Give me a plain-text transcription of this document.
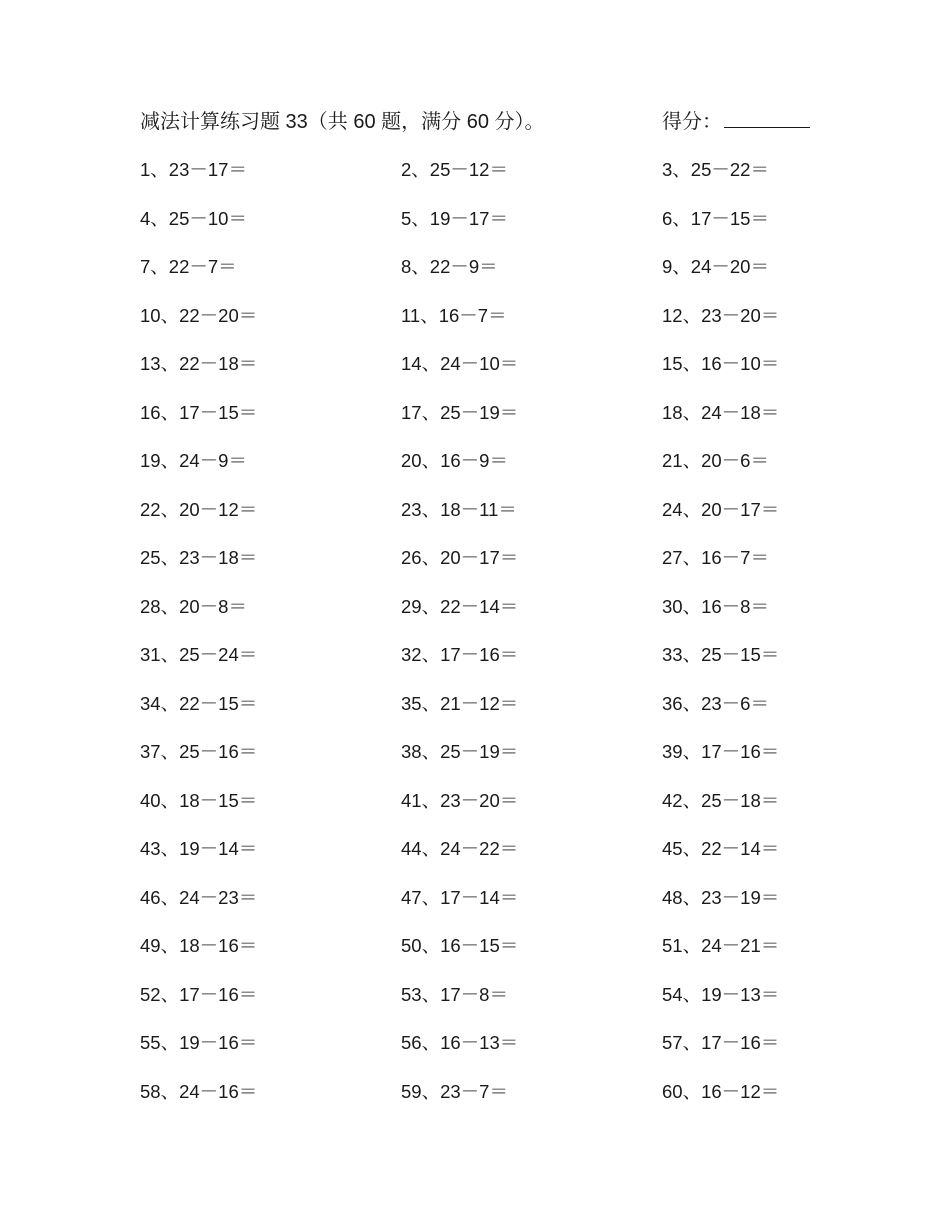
减法计算练习题 33（共 60 题，满分 60 分）。	得分：
1、23－17＝	2、25－12＝	3、25－22＝
4、25－10＝	5、19－17＝	6、17－15＝
7、22－7＝	8、22－9＝	9、24－20＝
10、22－20＝	11、16－7＝	12、23－20＝
13、22－18＝	14、24－10＝	15、16－10＝
16、17－15＝	17、25－19＝	18、24－18＝
19、24－9＝	20、16－9＝	21、20－6＝
22、20－12＝	23、18－11＝	24、20－17＝
25、23－18＝	26、20－17＝	27、16－7＝
28、20－8＝	29、22－14＝	30、16－8＝
31、25－24＝	32、17－16＝	33、25－15＝
34、22－15＝	35、21－12＝	36、23－6＝
37、25－16＝	38、25－19＝	39、17－16＝
40、18－15＝	41、23－20＝	42、25－18＝
43、19－14＝	44、24－22＝	45、22－14＝
46、24－23＝	47、17－14＝	48、23－19＝
49、18－16＝	50、16－15＝	51、24－21＝
52、17－16＝	53、17－8＝	54、19－13＝
55、19－16＝	56、16－13＝	57、17－16＝
58、24－16＝	59、23－7＝	60、16－12＝
